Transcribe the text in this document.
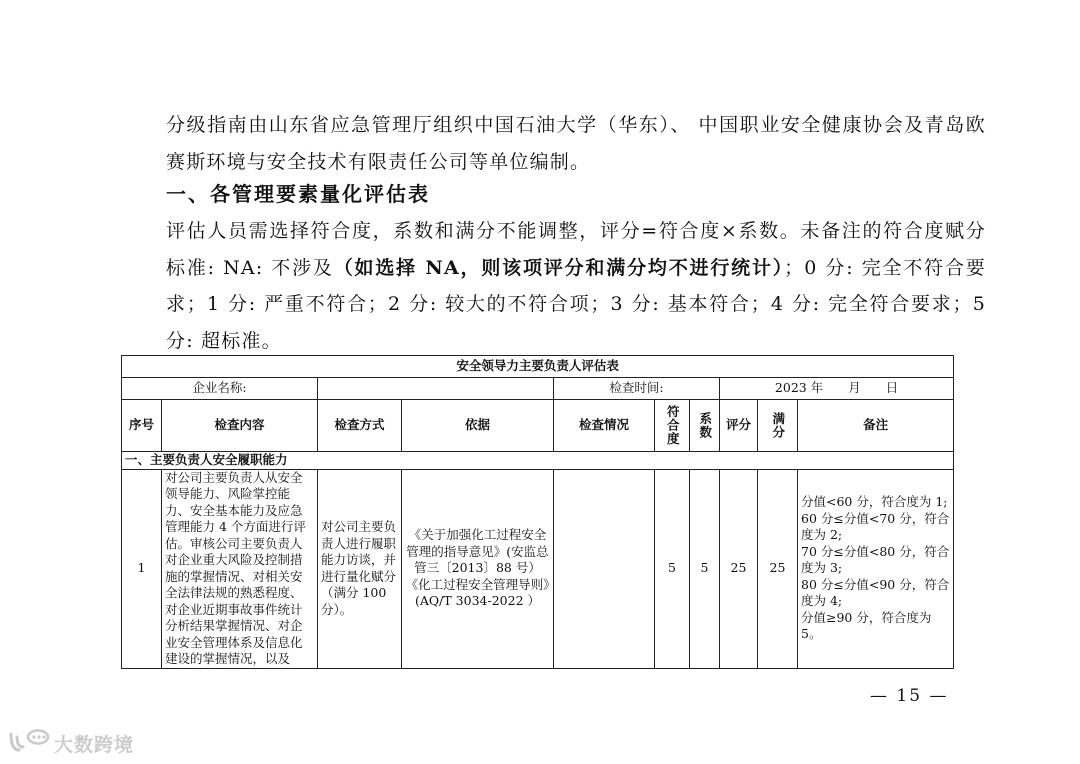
分级指南由山东省应急管理厅组织中国石油大学（华东）、 中国职业安全健康协会及青岛欧赛斯环境与安全技术有限责任公司等单位编制。

一、各管理要素量化评估表

评估人员需选择符合度，系数和满分不能调整，评分=符合度×系数。未备注的符合度赋分标准: NA: 不涉及（如选择 NA，则该项评分和满分均不进行统计）；0 分: 完全不符合要求；1 分: 严重不符合；2 分: 较大的不符合项；3 分: 基本符合；4 分: 完全符合要求；5 分: 超标准。

安全领导力主要负责人评估表									
企业名称:				检查时间:			2023 年　　月　　日		
序号	检查内容	检查方式	依据	检查情况	符合度	系数	评分	满分	备注
一、主要负责人安全履职能力									
1	对公司主要负责人从安全领导能力、风险掌控能力、安全基本能力及应急管理能力 4 个方面进行评估。审核公司主要负责人对企业重大风险及控制措施的掌握情况、对相关安全法律法规的熟悉程度、对企业近期事故事件统计分析结果掌握情况、对企业安全管理体系及信息化建设的掌握情况，以及	对公司主要负责人进行履职能力访谈，并进行量化赋分（满分 100 分）。	《关于加强化工过程安全管理的指导意见》(安监总管三〔2013〕88 号）《化工过程安全管理导则》(AQ/T 3034-2022 ）		5	5	25	25	分值<60 分，符合度为 1;
60 分≤分值<70 分，符合度为 2;
70 分≤分值<80 分，符合度为 3;
80 分≤分值<90 分，符合度为 4;
分值≥90 分，符合度为 5。
— 15 —
大数跨境
